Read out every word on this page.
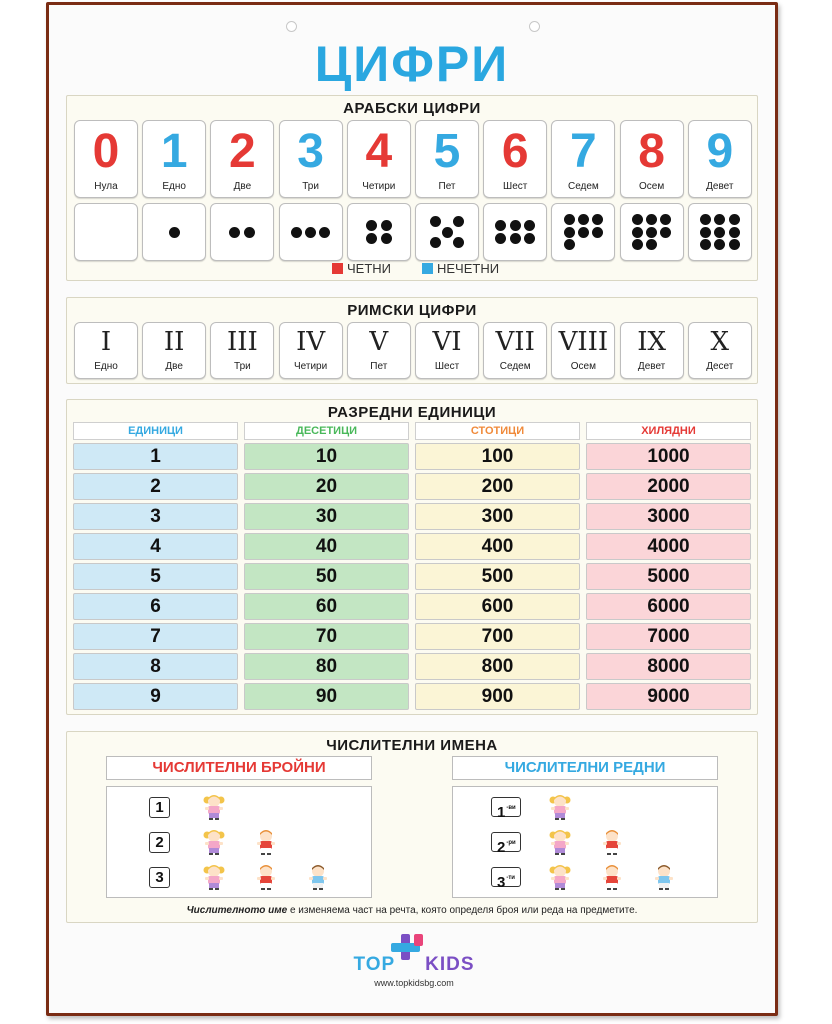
ЦИФРИ
АРАБСКИ ЦИФРИ
0
Нула
1
Едно
2
Две
3
Три
4
Четири
5
Пет
6
Шест
7
Седем
8
Осем
9
Девет
ЧЕТНИ	НЕЧЕТНИ
РИМСКИ ЦИФРИ
I
Едно
II
Две
III
Три
IV
Четири
V
Пет
VI
Шест
VII
Седем
VIII
Осем
IX
Девет
X
Десет
РАЗРЕДНИ ЕДИНИЦИ
ЕДИНИЦИ
1
2
3
4
5
6
7
8
9
ДЕСЕТИЦИ
10
20
30
40
50
60
70
80
90
СТОТИЦИ
100
200
300
400
500
600
700
800
900
ХИЛЯДНИ
1000
2000
3000
4000
5000
6000
7000
8000
9000
ЧИСЛИТЕЛНИ ИМЕНА
ЧИСЛИТЕЛНИ БРОЙНИ	ЧИСЛИТЕЛНИ РЕДНИ
1
2
3
$1^{-ви}$
$2^{-ри}$
$3^{-ти}$
Числителното име е изменяема част на речта, която определя броя или реда на предметите.
TOP KIDS
www.topkidsbg.com
